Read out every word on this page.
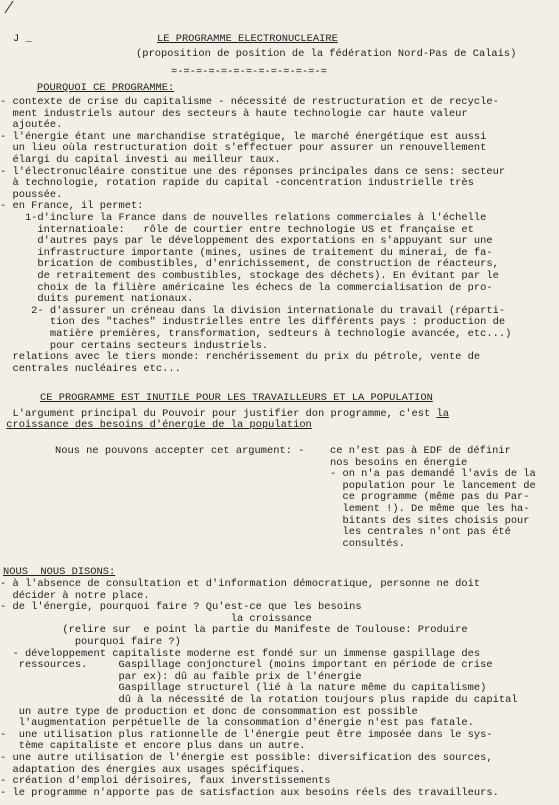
J _	LE PROGRAMME ELECTRONUCLEAIRE
(proposition de position de la fédération Nord-Pas de Calais)
=-=-=-=-=-=-=-=-=-=-=-=-=
POURQUOI CE PROGRAMME:
- contexte de crise du capitalisme - nécessité de restructuration et de recycle-
ment industriels autour des secteurs à haute technologie car haute valeur
ajoutée.
- l'énergie étant une marchandise stratégique, le marché énergétique est aussi
un lieu oùla restructuration doit s'effectuer pour assurer un renouvellement
élargi du capital investi au meilleur taux.
- l'électronucléaire constitue une des réponses principales dans ce sens: secteur
à technologie, rotation rapide du capital -concentration industrielle très
poussée.
- en France, il permet:
1-d'inclure la France dans de nouvelles relations commerciales à l'échelle
internatioale:   rôle de courtier entre technologie US et française et
d'autres pays par le développement des exportations en s'appuyant sur une
infrastructure importante (mines, usines de traitement du minerai, de fa-
brication de combustibles, d'enrichissement, de construction de réacteurs,
de retraitement des combustibles, stockage des déchets). En évitant par le
choix de la filière américaine les échecs de la commercialisation de pro-
duits purement nationaux.
2- d'assurer un créneau dans la division internationale du travail (réparti-
tion des "taches" industrielles entre les différents pays : production de
matière premières, transformation, sedteurs à technologie avancée, etc...)
pour certains secteurs industriels.
relations avec le tiers monde: renchérissement du prix du pétrole, vente de
centrales nucléaires etc...
CE PROGRAMME EST INUTILE POUR LES TRAVAILLEURS ET LA POPULATION
L'argument principal du Pouvoir pour justifier don programme, c'est la
croissance des besoins d'énergie de la population
Nous ne pouvons accepter cet argument: - ce n'est pas à EDF de définir
nos besoins en énergie
- on n'a pas demandé l'avis de la
population pour le lancement de
ce programme (même pas du Par-
lement !). De même que les ha-
bitants des sites choisis pour
les centrales n'ont pas été
consultés.
NOUS  NOUS DISONS:
- à l'absence de consultation et d'information démocratique, personne ne doit
décider à notre place.
- de l'énergie, pourquoi faire ? Qu'est-ce que les besoins
la croissance
(relire sur  e point la partie du Manifeste de Toulouse: Produire
pourquoi faire ?)
- développement capitaliste moderne est fondé sur un immense gaspillage des
ressources.     Gaspillage conjoncturel (moins important en période de crise
par ex): dû au faible prix de l'énergie
Gaspillage structurel (lié à la nature même du capitalisme)
dû à la nécessité de la rotation toujours plus rapide du capital
un autre type de production et donc de consommation est possible
l'augmentation perpétuelle de la consommation d'énergie n'est pas fatale.
-  une utilisation plus rationnelle de l'énergie peut être imposée dans le sys-
tème capitaliste et encore plus dans un autre.
- une autre utilisation de l'énergie est possible: diversification des sources,
adaptation des énergies aux usages spécifiques.
- création d'emploi dérisoires, faux inverstissements
- le programme n'apporte pas de satisfaction aux besoins réels des travailleurs.
